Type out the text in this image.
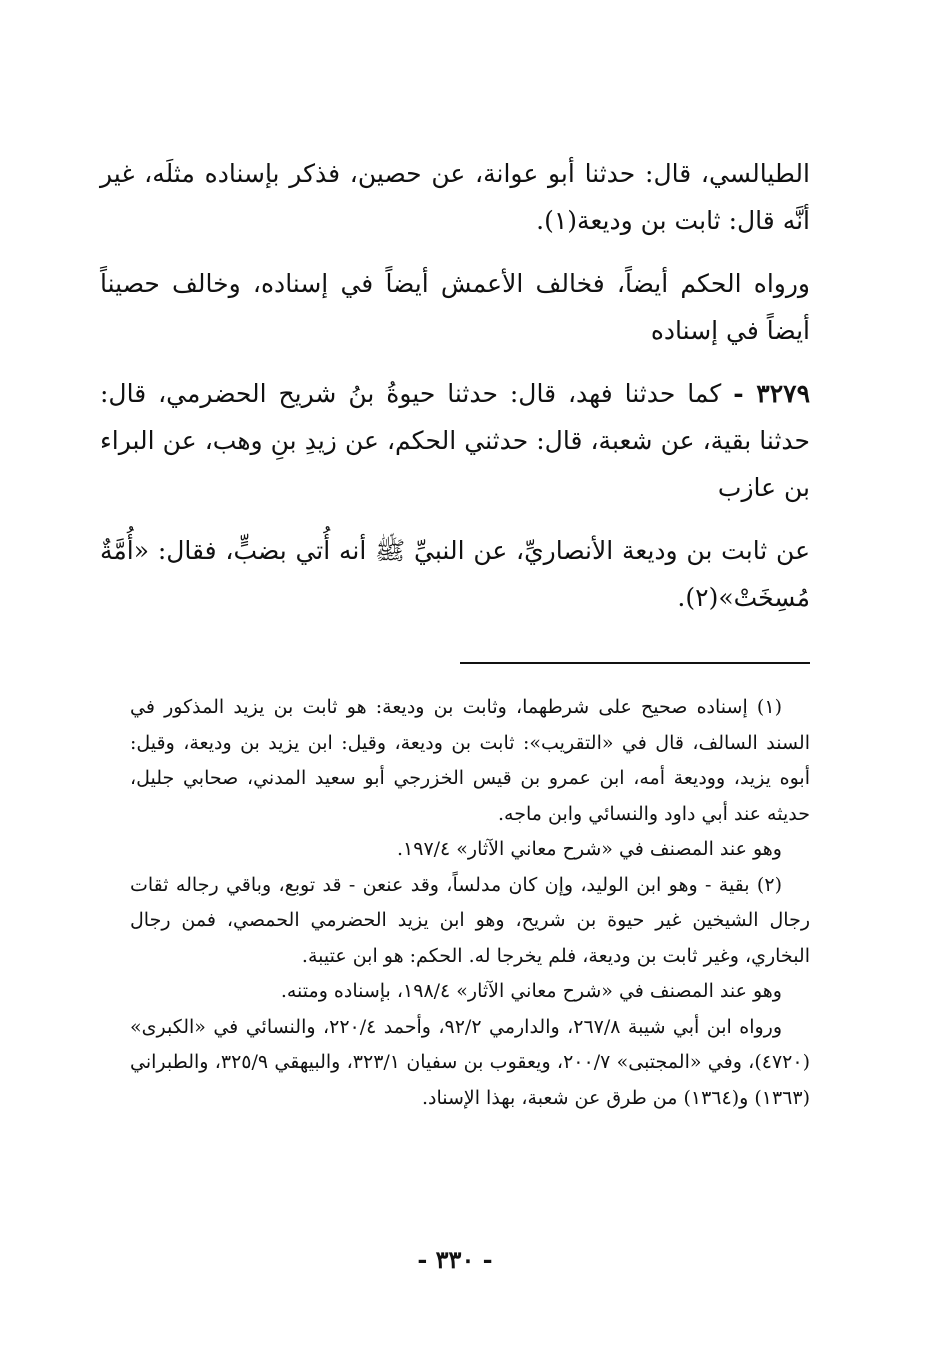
الطيالسي، قال: حدثنا أبو عوانة، عن حصين، فذكر بإسناده مثلَه، غير أنَّه قال: ثابت بن وديعة(١).

ورواه الحكم أيضاً، فخالف الأعمش أيضاً في إسناده، وخالف حصيناً أيضاً في إسناده

٣٢٧٩ - كما حدثنا فهد، قال: حدثنا حيوةُ بنُ شريح الحضرمي، قال: حدثنا بقية، عن شعبة، قال: حدثني الحكم، عن زيدِ بنِ وهب، عن البراء بن عازب

عن ثابت بن وديعة الأنصاريِّ، عن النبيِّ ﷺ أنه أُتي بضبٍّ، فقال: «أُمَّةٌ مُسِخَتْ»(٢).

(١) إسناده صحيح على شرطهما، وثابت بن وديعة: هو ثابت بن يزيد المذكور في السند السالف، قال في «التقريب»: ثابت بن وديعة، وقيل: ابن يزيد بن وديعة، وقيل: أبوه يزيد، ووديعة أمه، ابن عمرو بن قيس الخزرجي أبو سعيد المدني، صحابي جليل، حديثه عند أبي داود والنسائي وابن ماجه.

وهو عند المصنف في «شرح معاني الآثار» ١٩٧/٤.

(٢) بقية - وهو ابن الوليد، وإن كان مدلساً، وقد عنعن - قد توبع، وباقي رجاله ثقات رجال الشيخين غير حيوة بن شريح، وهو ابن يزيد الحضرمي الحمصي، فمن رجال البخاري، وغير ثابت بن وديعة، فلم يخرجا له. الحكم: هو ابن عتيبة.

وهو عند المصنف في «شرح معاني الآثار» ١٩٨/٤، بإسناده ومتنه.

ورواه ابن أبي شيبة ٢٦٧/٨، والدارمي ٩٢/٢، وأحمد ٢٢٠/٤، والنسائي في «الكبرى» (٤٧٢٠)، وفي «المجتبى» ٢٠٠/٧، ويعقوب بن سفيان ٣٢٣/١، والبيهقي ٣٢٥/٩، والطبراني (١٣٦٣) و(١٣٦٤) من طرق عن شعبة، بهذا الإسناد.

- ٣٣٠ -
